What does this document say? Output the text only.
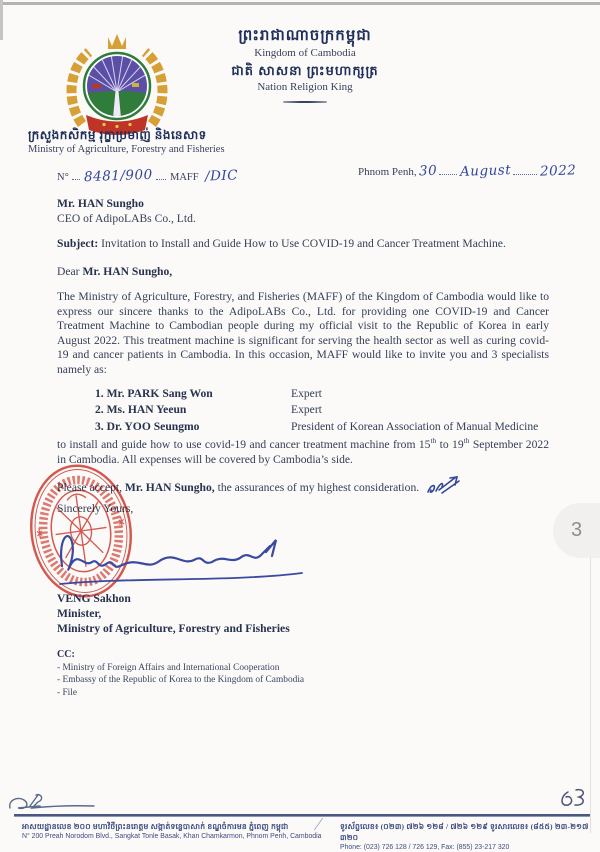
ព្រះរាជាណាចក្រកម្ពុជា
Kingdom of Cambodia
ជាតិ សាសនា ព្រះមហាក្សត្រ
Nation Religion King
ក្រសួងកសិកម្ម រុក្ខាប្រមាញ់ និងនេសាទ
Ministry of Agriculture, Forestry and Fisheries
N° 8481/900 MAFF /DIC	Phnom Penh, 30 August 2022
Mr. HAN Sungho
CEO of AdipoLABs Co., Ltd.
Subject: Invitation to Install and Guide How to Use COVID-19 and Cancer Treatment Machine.
Dear Mr. HAN Sungho,
The Ministry of Agriculture, Forestry, and Fisheries (MAFF) of the Kingdom of Cambodia would like to express our sincere thanks to the AdipoLABs Co., Ltd. for providing one COVID-19 and Cancer Treatment Machine to Cambodian people during my official visit to the Republic of Korea in early August 2022. This treatment machine is significant for serving the health sector as well as curing covid-19 and cancer patients in Cambodia. In this occasion, MAFF would like to invite you and 3 specialists namely as:
1. Mr. PARK Sang Won	Expert
2. Ms. HAN Yeeun	Expert
3. Dr. YOO Seungmo	President of Korean Association of Manual Medicine
to install and guide how to use covid-19 and cancer treatment machine from 15th to 19th September 2022 in Cambodia. All expenses will be covered by Cambodia’s side.
Please accept, Mr. HAN Sungho, the assurances of my highest consideration.
Sincerely Yours,
VENG Sakhon
Minister,
Ministry of Agriculture, Forestry and Fisheries
CC:
- Ministry of Foreign Affairs and International Cooperation
- Embassy of the Republic of Korea to the Kingdom of Cambodia
- File
អាសយដ្ឋានលេខ ២០០ មហាវិថីព្រះនរោត្តម សង្កាត់ទន្លេបាសាក់ ខណ្ឌចំការមន ភ្នំពេញ កម្ពុជា
N° 200 Preah Norodom Blvd., Sangkat Tonle Basak, Khan Chamkarmon, Phnom Penh, Cambodia
ទូរស័ព្ទលេខ៖ (០២៣) ៧២៦ ១២៨ / ៧២៦ ១២៩ ទូរសារលេខ៖ (៨៥៥) ២៣-២១៧ ៣២០
Phone: (023) 726 128 / 726 129, Fax: (855) 23-217 320
3
